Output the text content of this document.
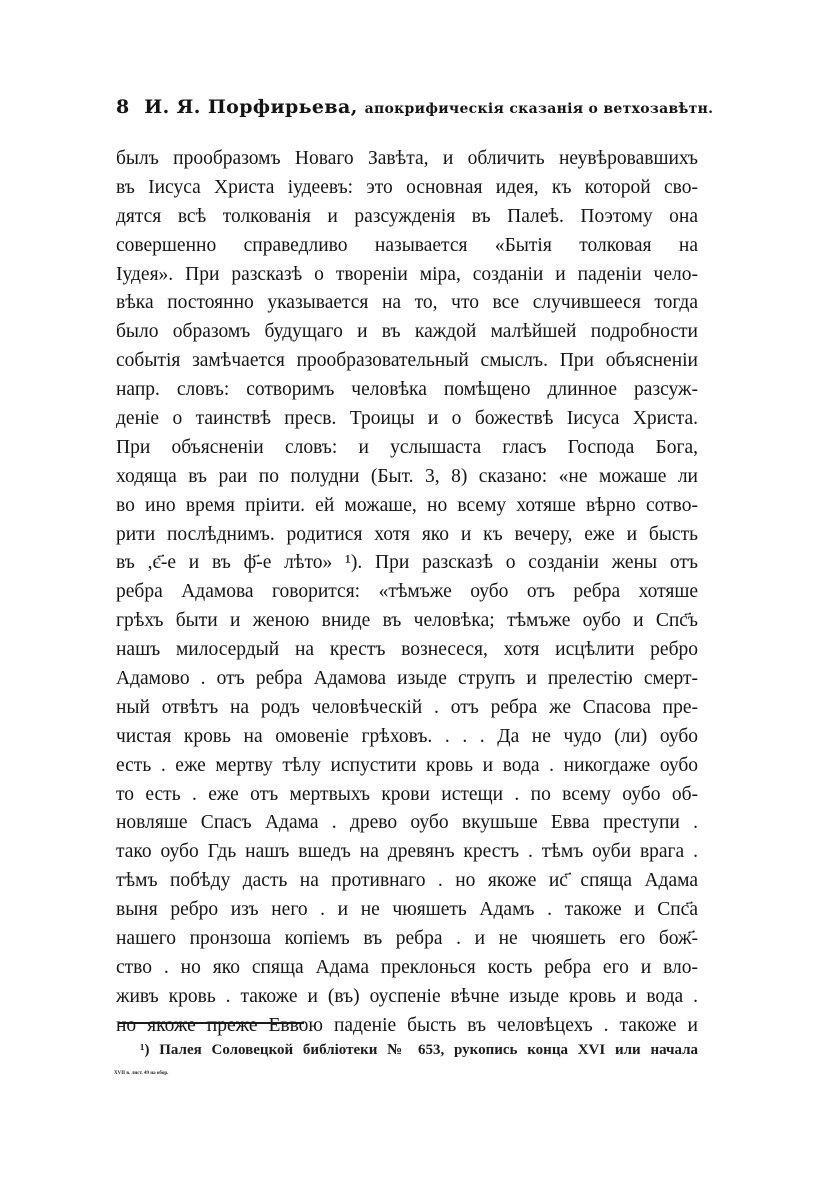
8 И. Я. Порфирьева, апокрифическія сказанія о ветхозавѣтн.
былъ прообразомъ Новаго Завѣта, и обличить неувѣровавшихъ
въ Іисуса Христа іудеевъ: это основная идея, къ которой сво-
дятся всѣ толкованія и разсужденія въ Палеѣ. Поэтому она
совершенно справедливо называется «Бытія толковая на
Іудея». При разсказѣ о твореніи міра, созданіи и паденіи чело-
вѣка постоянно указывается на то, что все случившееся тогда
было образомъ будущаго и въ каждой малѣйшей подробности
событія замѣчается прообразовательный смыслъ. При объясненіи
напр. словъ: сотворимъ человѣка помѣщено длинное разсуж-
деніе о таинствѣ пресв. Троицы и о божествѣ Іисуса Христа.
При объясненіи словъ: и услышаста гласъ Господа Бога,
ходяща въ раи по полудни (Быт. 3, 8) сказано: «не можаше ли
во ино время пріити. ей можаше, но всему хотяше вѣрно сотво-
рити послѣднимъ. родитися хотя яко и къ вечеру, еже и бысть
въ ,є҃-е и въ ф҃-е лѣто» ¹). При разсказѣ о созданіи жены отъ
ребра Адамова говорится: «тѣмъже оубо отъ ребра хотяше
грѣхъ быти и женою вниде въ человѣка; тѣмъже оубо и Спс҃ъ
нашъ милосердый на крестъ вознесеся, хотя исцѣлити ребро
Адамово . отъ ребра Адамова изыде струпъ и прелестію смерт-
ный отвѣтъ на родъ человѣческій . отъ ребра же Спасова пре-
чистая кровь на омовеніе грѣховъ. . . . Да не чудо (ли) оубо
есть . еже мертву тѣлу испустити кровь и вода . никогдаже оубо
то есть . еже отъ мертвыхъ крови истещи . по всему оубо об-
новляше Спасъ Адама . древо оубо вкушьше Евва преступи .
тако оубо Гдь нашъ вшедъ на древянъ крестъ . тѣмъ оуби врага .
тѣмъ побѣду дасть на противнаго . но якоже ис҃ спяща Адама
выня ребро изъ него . и не чюяшеть Адамъ . такоже и Спс҃а
нашего пронзоша копіемъ въ ребра . и не чюяшеть его бож҃-
ство . но яко спяща Адама преклонься кость ребра его и вло-
живъ кровь . такоже и (въ) оуспеніе вѣчне изыде кровь и вода .
но якоже преже Еввою паденіе бысть въ человѣцехъ . такоже и
¹) Палея Соловецкой библіотеки № 653, рукопись конца XVI или начала
XVII в. лист. 49 на обор.
